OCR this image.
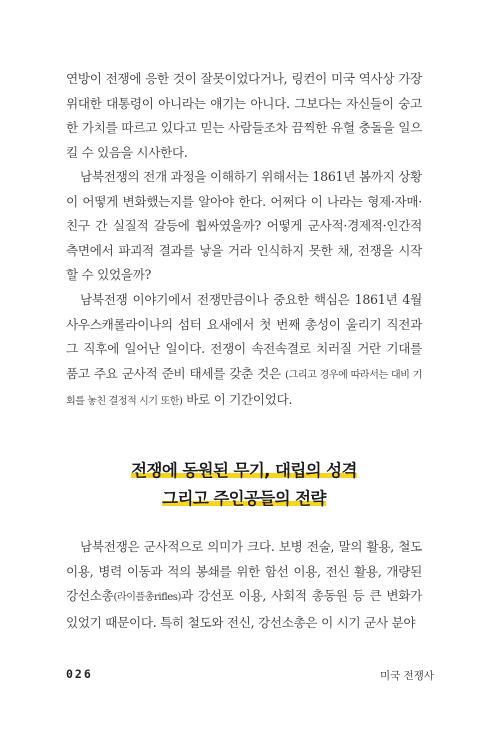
연방이 전쟁에 응한 것이 잘못이었다거나, 링컨이 미국 역사상 가장 위대한 대통령이 아니라는 얘기는 아니다. 그보다는 자신들이 숭고한 가치를 따르고 있다고 믿는 사람들조차 끔찍한 유혈 충돌을 일으킬 수 있음을 시사한다.
남북전쟁의 전개 과정을 이해하기 위해서는 1861년 봄까지 상황이 어떻게 변화했는지를 알아야 한다. 어쩌다 이 나라는 형제·자매·친구 간 실질적 갈등에 휩싸였을까? 어떻게 군사적·경제적·인간적 측면에서 파괴적 결과를 낳을 거라 인식하지 못한 채, 전쟁을 시작할 수 있었을까?
남북전쟁 이야기에서 전쟁만큼이나 중요한 핵심은 1861년 4월 사우스캐롤라이나의 섬터 요새에서 첫 번째 총성이 울리기 직전과 그 직후에 일어난 일이다. 전쟁이 속전속결로 치러질 거란 기대를 품고 주요 군사적 준비 태세를 갖춘 것은 (그리고 경우에 따라서는 대비 기회를 놓친 결정적 시기 또한) 바로 이 기간이었다.
전쟁에 동원된 무기, 대립의 성격
그리고 주인공들의 전략
남북전쟁은 군사적으로 의미가 크다. 보병 전술, 말의 활용, 철도 이용, 병력 이동과 적의 봉쇄를 위한 함선 이용, 전신 활용, 개량된 강선소총(라이플총rifles)과 강선포 이용, 사회적 총동원 등 큰 변화가 있었기 때문이다. 특히 철도와 전신, 강선소총은 이 시기 군사 분야
026	미국 전쟁사
